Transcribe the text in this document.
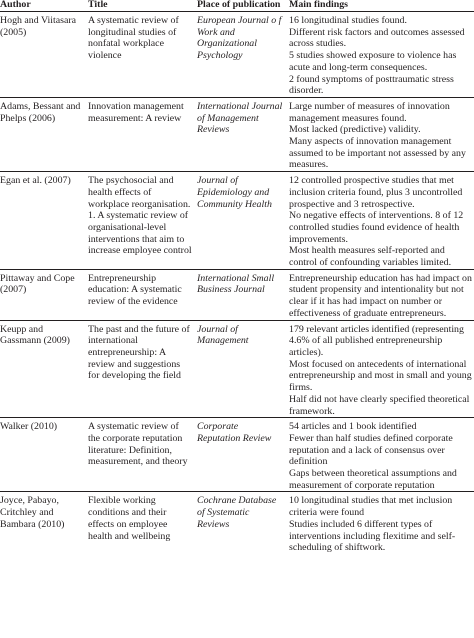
Author	Title	Place of publication	Main findings
Hogh and Viitasara (2005)	A systematic review of longitudinal studies of nonfatal workplace violence	European Journal o f Work and Organizational Psychology	16 longitudinal studies found.
Different risk factors and outcomes assessed across studies.
5 studies showed exposure to violence has acute and long-term consequences.
2 found symptoms of posttraumatic stress disorder.

Adams, Bessant and Phelps (2006)	Innovation management measurement: A review	International Journal of Management Reviews	Large number of measures of innovation management measures found.
Most lacked (predictive) validity.
Many aspects of innovation management assumed to be important not assessed by any measures.

Egan et al. (2007)	The psychosocial and health effects of workplace reorganisation. 1. A systematic review of organisational-level interventions that aim to increase employee control	Journal of Epidemiology and Community Health	12 controlled prospective studies that met inclusion criteria found, plus 3 uncontrolled prospective and 3 retrospective.
No negative effects of interventions. 8 of 12 controlled studies found evidence of health improvements.
Most health measures self-reported and control of confounding variables limited.

Pittaway and Cope (2007)	Entrepreneurship education: A systematic review of the evidence	International Small Business Journal	Entrepreneurship education has had impact on student propensity and intentionality but not clear if it has had impact on number or effectiveness of graduate entrepreneurs.

Keupp and Gassmann (2009)	The past and the future of international entrepreneurship: A review and suggestions for developing the field	Journal of Management	179 relevant articles identified (representing 4.6% of all published entrepreneurship articles).
Most focused on antecedents of international entrepreneurship and most in small and young firms.
Half did not have clearly specified theoretical framework.

Walker (2010)	A systematic review of the corporate reputation literature: Definition, measurement, and theory	Corporate Reputation Review	54 articles and 1 book identified
Fewer than half studies defined corporate reputation and a lack of consensus over definition
Gaps between theoretical assumptions and measurement of corporate reputation

Joyce, Pabayo, Critchley and Bambara (2010)	Flexible working conditions and their effects on employee health and wellbeing	Cochrane Database of Systematic Reviews	10 longitudinal studies that met inclusion criteria were found
Studies included 6 different types of interventions including flexitime and self-scheduling of shiftwork.
